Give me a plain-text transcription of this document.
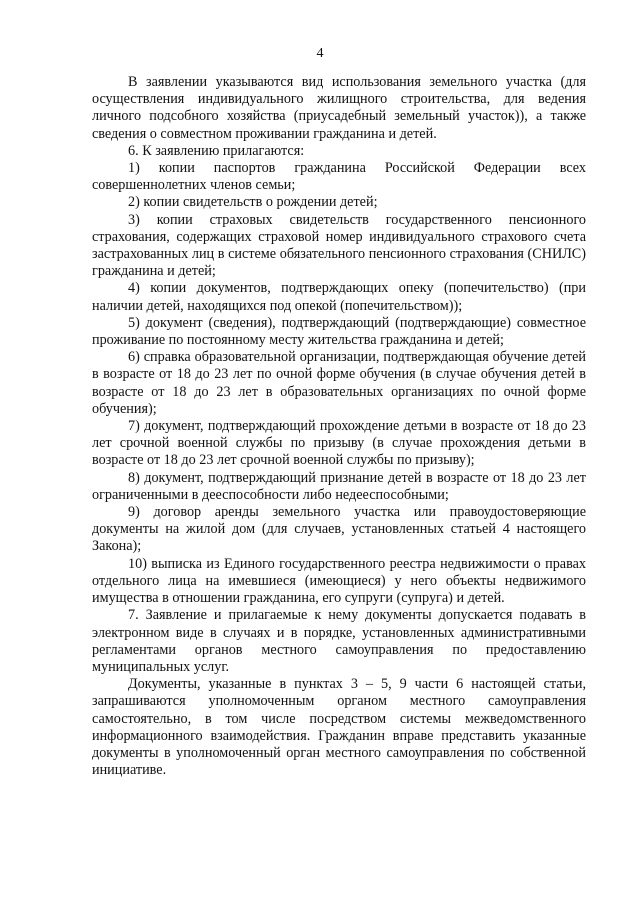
4

В заявлении указываются вид использования земельного участка (для осуществления индивидуального жилищного строительства, для ведения личного подсобного хозяйства (приусадебный земельный участок)), а также сведения о совместном проживании гражданина и детей.

6. К заявлению прилагаются:

1) копии паспортов гражданина Российской Федерации всех совершеннолетних членов семьи;

2) копии свидетельств о рождении детей;

3) копии страховых свидетельств государственного пенсионного страхования, содержащих страховой номер индивидуального страхового счета застрахованных лиц в системе обязательного пенсионного страхования (СНИЛС) гражданина и детей;

4) копии документов, подтверждающих опеку (попечительство) (при наличии детей, находящихся под опекой (попечительством));

5) документ (сведения), подтверждающий (подтверждающие) совместное проживание по постоянному месту жительства гражданина и детей;

6) справка образовательной организации, подтверждающая обучение детей в возрасте от 18 до 23 лет по очной форме обучения (в случае обучения детей в возрасте от 18 до 23 лет в образовательных организациях по очной форме обучения);

7) документ, подтверждающий прохождение детьми в возрасте от 18 до 23 лет срочной военной службы по призыву (в случае прохождения детьми в возрасте от 18 до 23 лет срочной военной службы по призыву);

8) документ, подтверждающий признание детей в возрасте от 18 до 23 лет ограниченными в дееспособности либо недееспособными;

9) договор аренды земельного участка или правоудостоверяющие документы на жилой дом (для случаев, установленных статьей 4 настоящего Закона);

10) выписка из Единого государственного реестра недвижимости о правах отдельного лица на имевшиеся (имеющиеся) у него объекты недвижимого имущества в отношении гражданина, его супруги (супруга) и детей.

7. Заявление и прилагаемые к нему документы допускается подавать в электронном виде в случаях и в порядке, установленных административными регламентами органов местного самоуправления по предоставлению муниципальных услуг.

Документы, указанные в пунктах 3 – 5, 9 части 6 настоящей статьи, запрашиваются уполномоченным органом местного самоуправления самостоятельно, в том числе посредством системы межведомственного информационного взаимодействия. Гражданин вправе представить указанные документы в уполномоченный орган местного самоуправления по собственной инициативе.
